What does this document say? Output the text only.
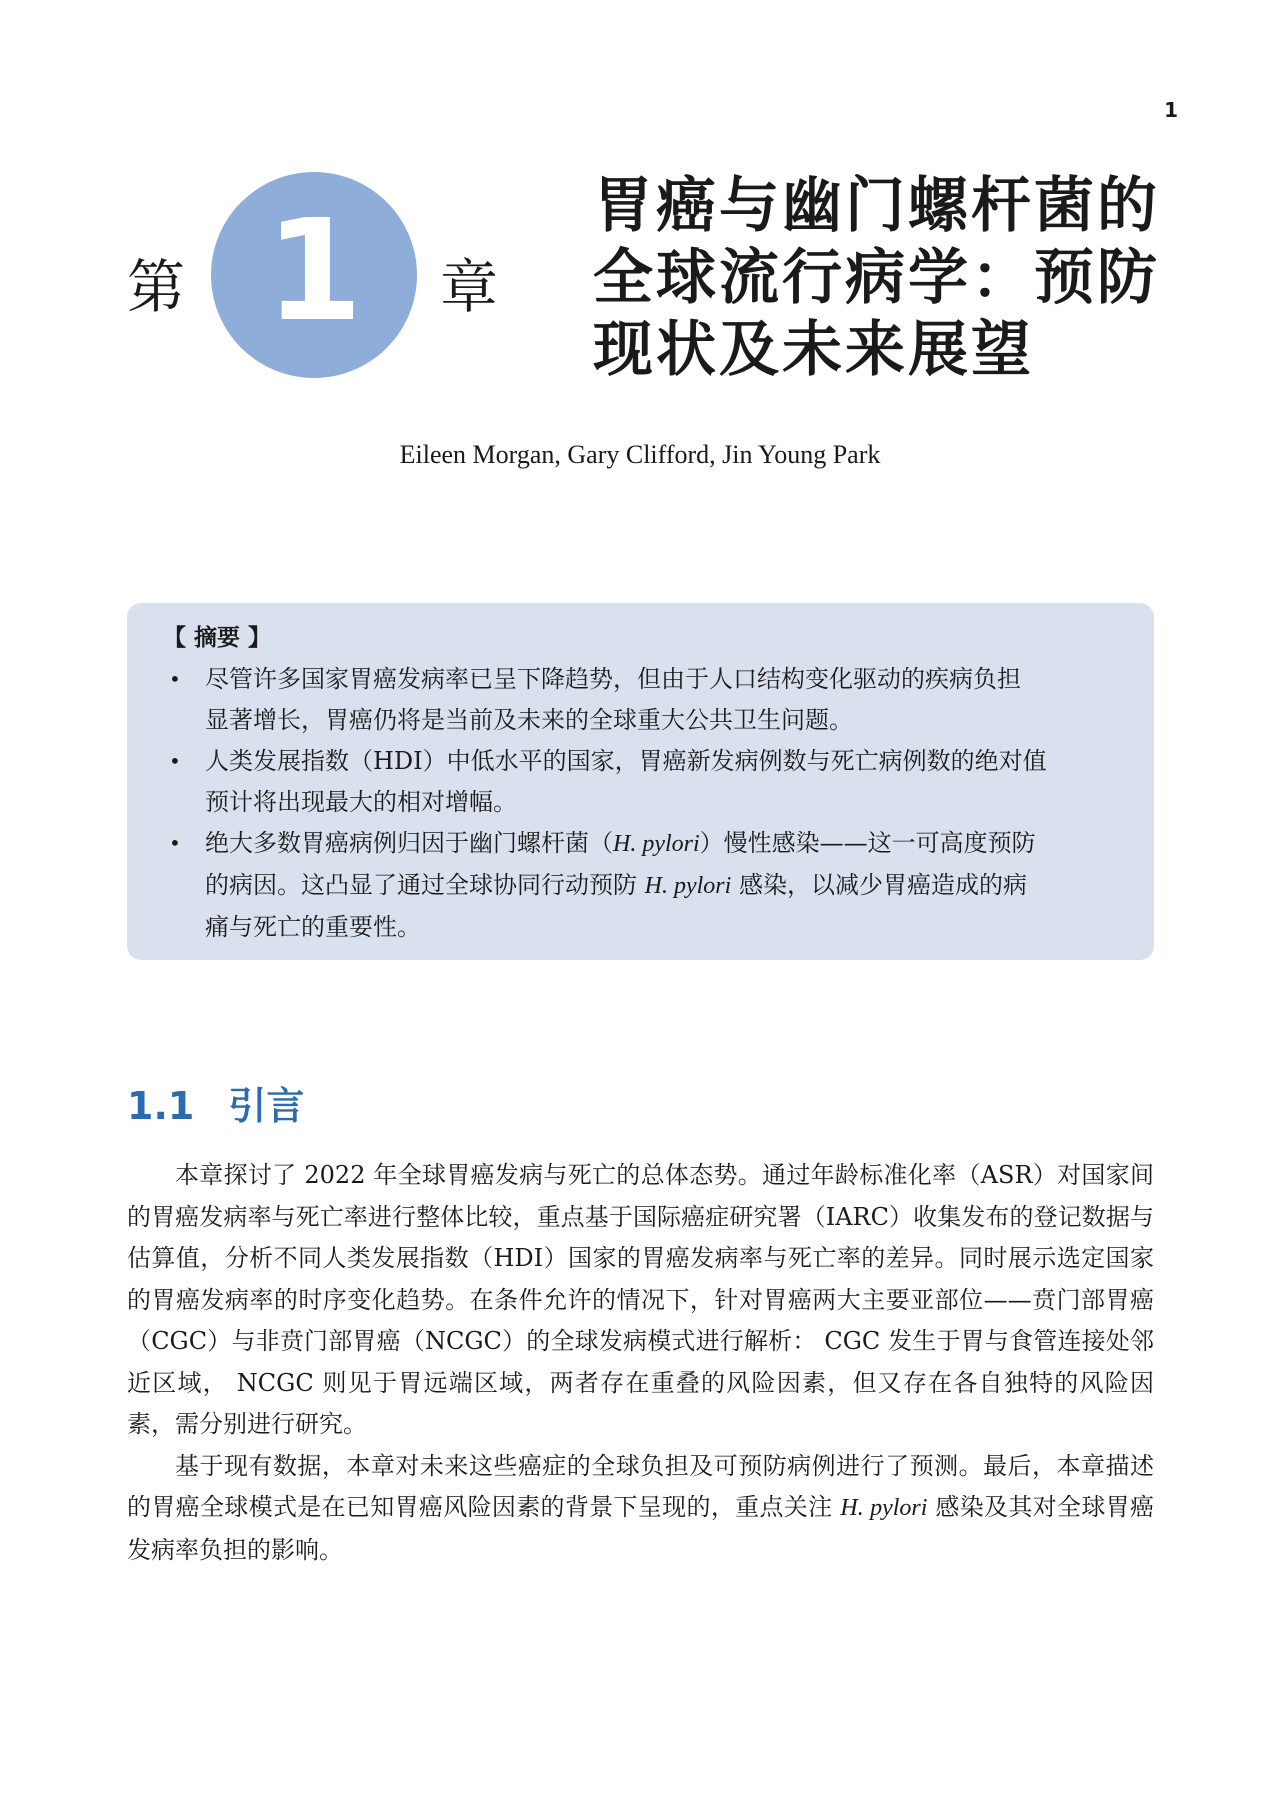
1
第 1 章
胃癌与幽门螺杆菌的
全球流行病学：预防
现状及未来展望
Eileen Morgan, Gary Clifford, Jin Young Park
【 摘要 】
• 尽管许多国家胃癌发病率已呈下降趋势，但由于人口结构变化驱动的疾病负担
显著增长，胃癌仍将是当前及未来的全球重大公共卫生问题。
• 人类发展指数（HDI）中低水平的国家，胃癌新发病例数与死亡病例数的绝对值
预计将出现最大的相对增幅。
• 绝大多数胃癌病例归因于幽门螺杆菌（H. pylori）慢性感染——这一可高度预防
的病因。这凸显了通过全球协同行动预防 H. pylori 感染，以减少胃癌造成的病
痛与死亡的重要性。
1.1 引言

本章探讨了 2022 年全球胃癌发病与死亡的总体态势。通过年龄标准化率（ASR）对国家间的胃癌发病率与死亡率进行整体比较，重点基于国际癌症研究署（IARC）收集发布的登记数据与估算值，分析不同人类发展指数（HDI）国家的胃癌发病率与死亡率的差异。同时展示选定国家的胃癌发病率的时序变化趋势。在条件允许的情况下，针对胃癌两大主要亚部位——贲门部胃癌（CGC）与非贲门部胃癌（NCGC）的全球发病模式进行解析： CGC 发生于胃与食管连接处邻近区域， NCGC 则见于胃远端区域，两者存在重叠的风险因素，但又存在各自独特的风险因素，需分别进行研究。

基于现有数据，本章对未来这些癌症的全球负担及可预防病例进行了预测。最后，本章描述的胃癌全球模式是在已知胃癌风险因素的背景下呈现的，重点关注 H. pylori 感染及其对全球胃癌发病率负担的影响。
